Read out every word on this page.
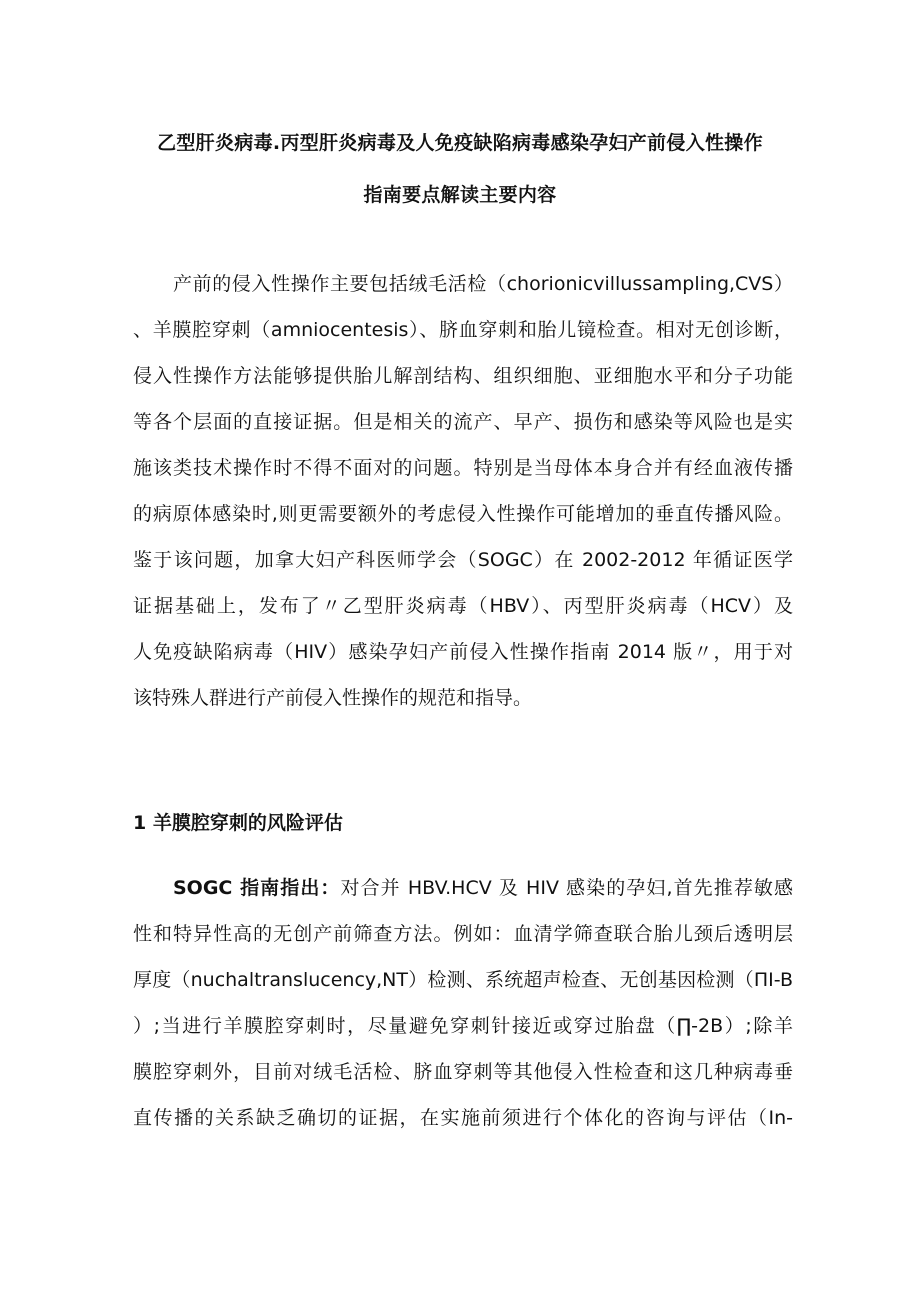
乙型肝炎病毒.丙型肝炎病毒及人免疫缺陷病毒感染孕妇产前侵入性操作
指南要点解读主要内容
产前的侵入性操作主要包括绒毛活检（chorionicvillussampling,CVS）
、羊膜腔穿刺（amniocentesis）、脐血穿刺和胎儿镜检查。相对无创诊断，
侵入性操作方法能够提供胎儿解剖结构、组织细胞、亚细胞水平和分子功能
等各个层面的直接证据。但是相关的流产、早产、损伤和感染等风险也是实
施该类技术操作时不得不面对的问题。特别是当母体本身合并有经血液传播
的病原体感染时,则更需要额外的考虑侵入性操作可能增加的垂直传播风险。
鉴于该问题，加拿大妇产科医师学会（SOGC）在 2002-2012 年循证医学
证据基础上，发布了〃乙型肝炎病毒（HBV）、丙型肝炎病毒（HCV）及
人免疫缺陷病毒（HIV）感染孕妇产前侵入性操作指南 2014 版〃，用于对
该特殊人群进行产前侵入性操作的规范和指导。
1 羊膜腔穿刺的风险评估
SOGC 指南指出：对合并 HBV.HCV 及 HIV 感染的孕妇,首先推荐敏感
性和特异性高的无创产前筛查方法。例如：血清学筛查联合胎儿颈后透明层
厚度（nuchaltranslucency,NT）检测、系统超声检查、无创基因检测（ΠI-B
）;当进行羊膜腔穿刺时，尽量避免穿刺针接近或穿过胎盘（∏-2B）;除羊
膜腔穿刺外，目前对绒毛活检、脐血穿刺等其他侵入性检查和这几种病毒垂
直传播的关系缺乏确切的证据，在实施前须进行个体化的咨询与评估（In-
